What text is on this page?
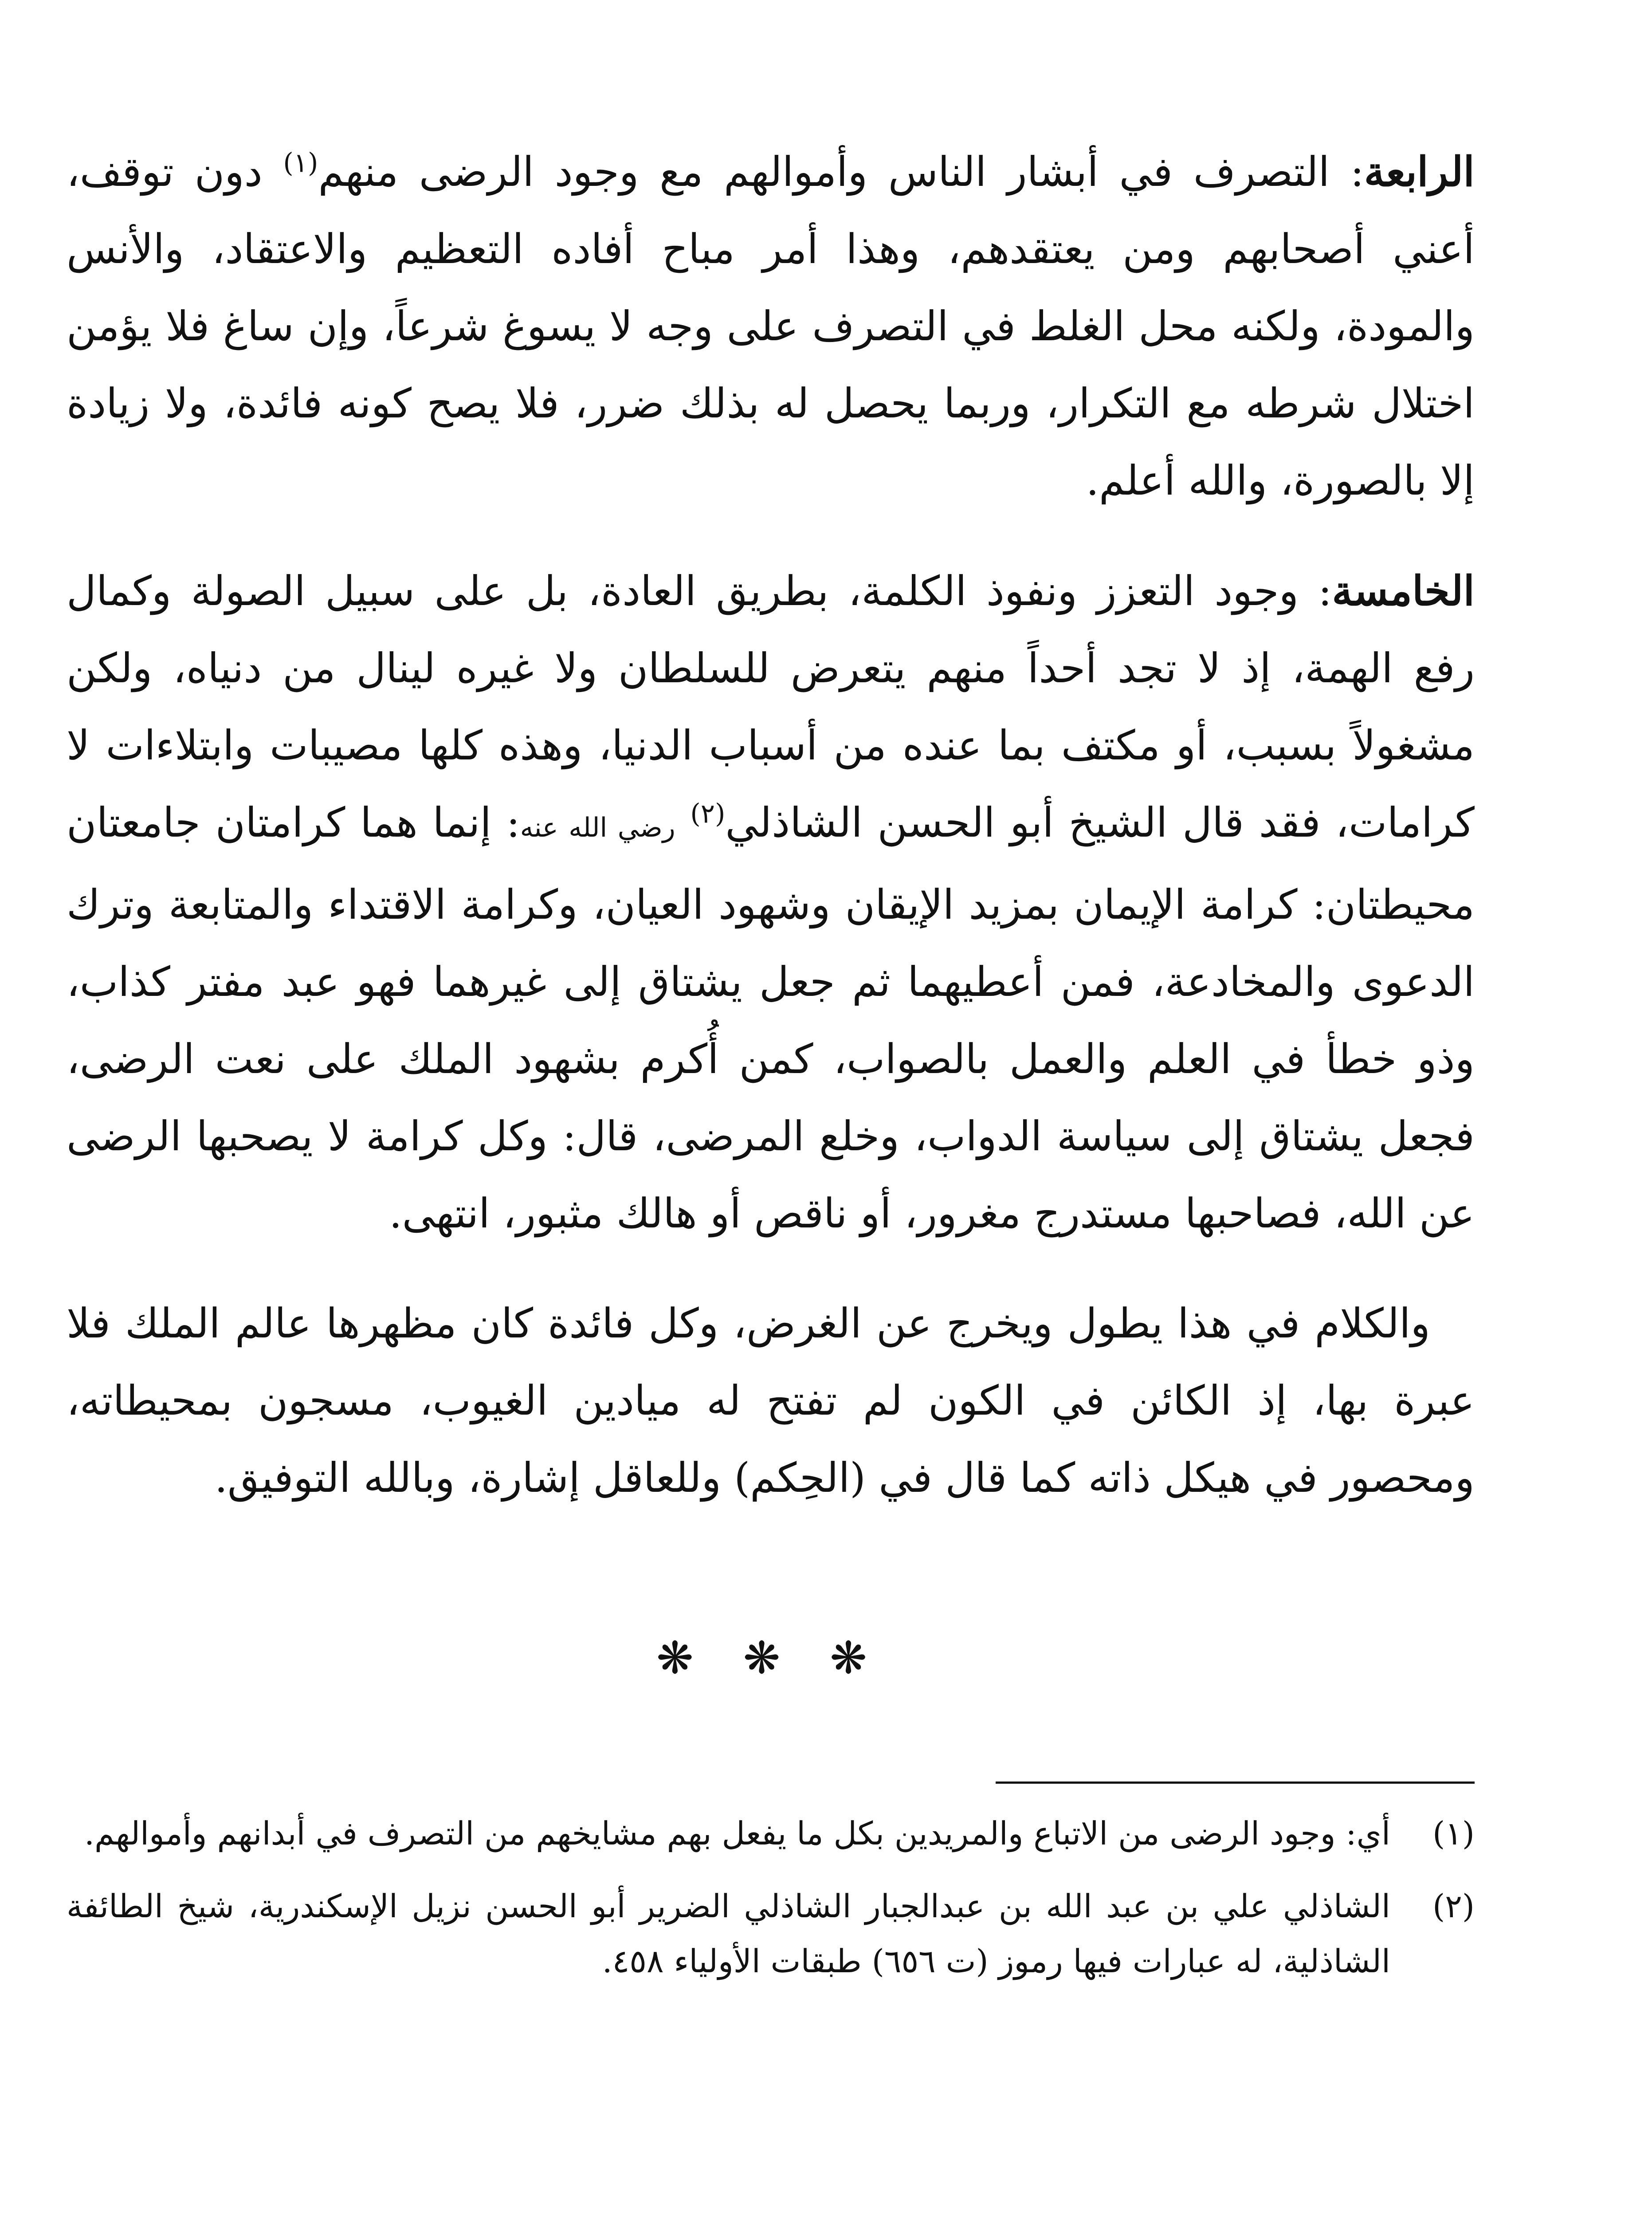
الرابعة: التصرف في أبشار الناس وأموالهم مع وجود الرضى منهم$^{(١)}$ دون توقف، أعني أصحابهم ومن يعتقدهم، وهذا أمر مباح أفاده التعظيم والاعتقاد، والأنس والمودة، ولكنه محل الغلط في التصرف على وجه لا يسوغ شرعاً، وإن ساغ فلا يؤمن اختلال شرطه مع التكرار، وربما يحصل له بذلك ضرر، فلا يصح كونه فائدة، ولا زيادة إلا بالصورة، والله أعلم.

الخامسة: وجود التعزز ونفوذ الكلمة، بطريق العادة، بل على سبيل الصولة وكمال رفع الهمة، إذ لا تجد أحداً منهم يتعرض للسلطان ولا غيره لينال من دنياه، ولكن مشغولاً بسبب، أو مكتف بما عنده من أسباب الدنيا، وهذه كلها مصيبات وابتلاءات لا كرامات، فقد قال الشيخ أبو الحسن الشاذلي$^{(٢)}$ رضي الله عنه: إنما هما كرامتان جامعتان محيطتان: كرامة الإيمان بمزيد الإيقان وشهود العيان، وكرامة الاقتداء والمتابعة وترك الدعوى والمخادعة، فمن أعطيهما ثم جعل يشتاق إلى غيرهما فهو عبد مفتر كذاب، وذو خطأ في العلم والعمل بالصواب، كمن أُكرم بشهود الملك على نعت الرضى، فجعل يشتاق إلى سياسة الدواب، وخلع المرضى، قال: وكل كرامة لا يصحبها الرضى عن الله، فصاحبها مستدرج مغرور، أو ناقص أو هالك مثبور، انتهى.

والكلام في هذا يطول ويخرج عن الغرض، وكل فائدة كان مظهرها عالم الملك فلا عبرة بها، إذ الكائن في الكون لم تفتح له ميادين الغيوب، مسجون بمحيطاته، ومحصور في هيكل ذاته كما قال في (الحِكم) وللعاقل إشارة، وبالله التوفيق.

❋ ❋ ❋
(١)
أي: وجود الرضى من الاتباع والمريدين بكل ما يفعل بهم مشايخهم من التصرف في أبدانهم وأموالهم.
(٢)
الشاذلي علي بن عبد الله بن عبدالجبار الشاذلي الضرير أبو الحسن نزيل الإسكندرية، شيخ الطائفة الشاذلية، له عبارات فيها رموز (ت ٦٥٦) طبقات الأولياء ٤٥٨.
